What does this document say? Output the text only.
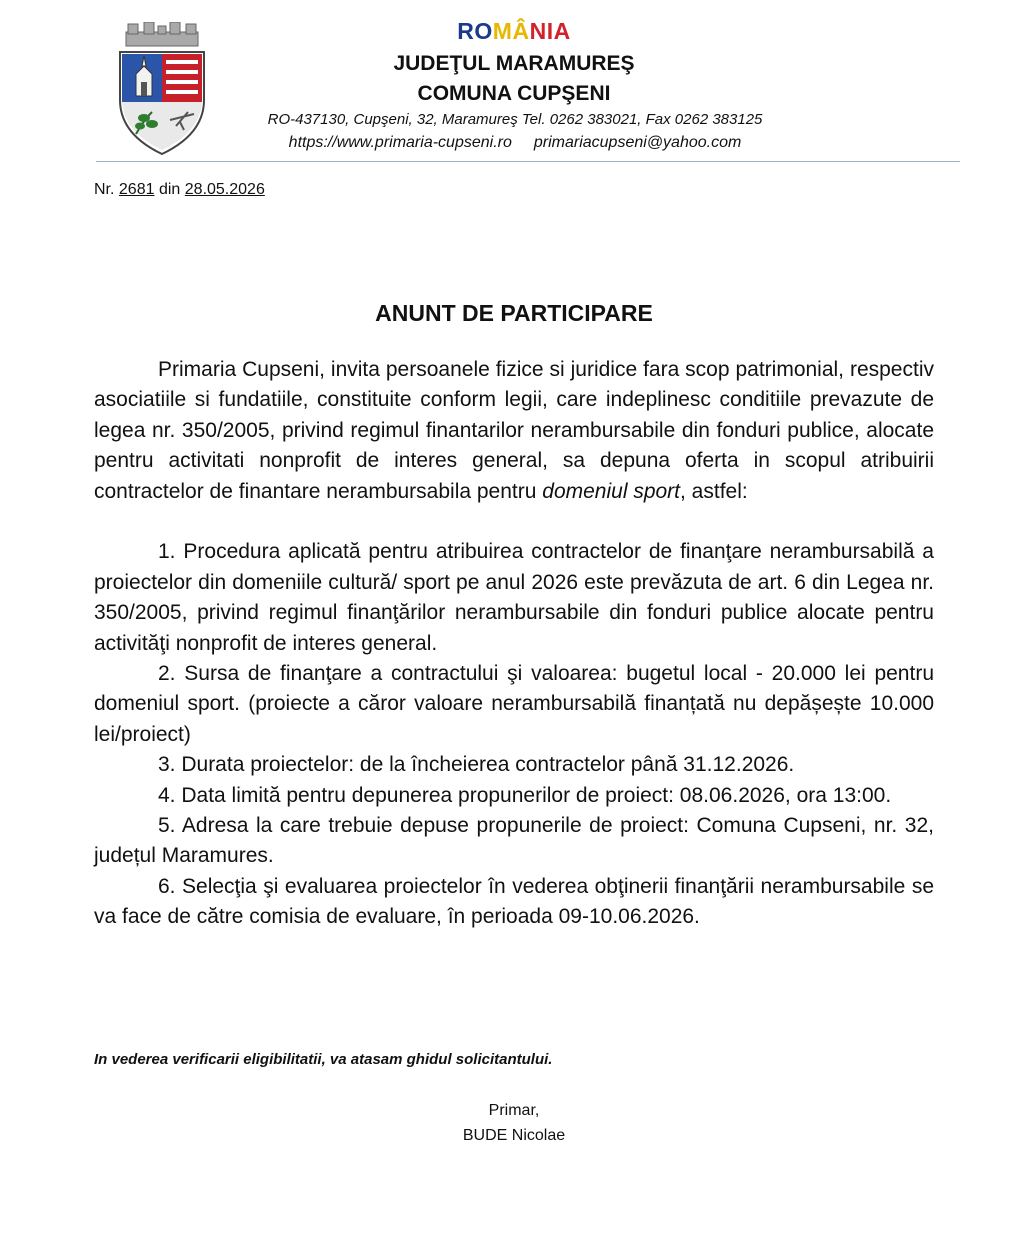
ROMÂNIA
JUDEŢUL MARAMUREŞ
COMUNA CUPŞENI
RO-437130, Cupşeni, 32, Maramureş Tel. 0262 383021, Fax 0262 383125
https://www.primaria-cupseni.ro primariacupseni@yahoo.com
Nr. 2681 din 28.05.2026
ANUNT DE PARTICIPARE

Primaria Cupseni, invita persoanele fizice si juridice fara scop patrimonial, respectiv asociatiile si fundatiile, constituite conform legii, care indeplinesc conditiile prevazute de legea nr. 350/2005, privind regimul finantarilor nerambursabile din fonduri publice, alocate pentru activitati nonprofit de interes general, sa depuna oferta in scopul atribuirii contractelor de finantare nerambursabila pentru domeniul sport, astfel:

1. Procedura aplicată pentru atribuirea contractelor de finanţare nerambursabilă a proiectelor din domeniile cultură/ sport pe anul 2026 este prevăzuta de art. 6 din Legea nr. 350/2005, privind regimul finanţărilor nerambursabile din fonduri publice alocate pentru activităţi nonprofit de interes general.

2. Sursa de finanţare a contractului şi valoarea: bugetul local - 20.000 lei pentru domeniul sport. (proiecte a căror valoare nerambursabilă finanțată nu depășește 10.000 lei/proiect)

3. Durata proiectelor: de la încheierea contractelor până 31.12.2026.

4. Data limită pentru depunerea propunerilor de proiect: 08.06.2026, ora 13:00.

5. Adresa la care trebuie depuse propunerile de proiect: Comuna Cupseni, nr. 32, județul Maramures.

6. Selecţia şi evaluarea proiectelor în vederea obţinerii finanţării nerambursabile se va face de către comisia de evaluare, în perioada 09-10.06.2026.

In vederea verificarii eligibilitatii, va atasam ghidul solicitantului.
Primar,
BUDE Nicolae
